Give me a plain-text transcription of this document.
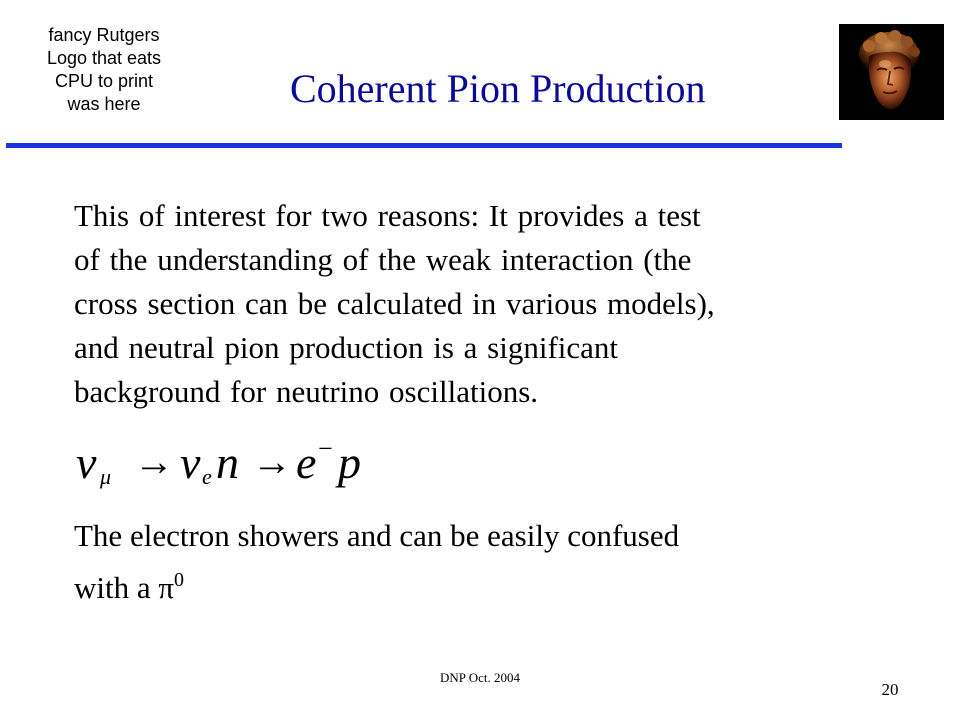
fancy Rutgers
Logo that eats
CPU to print
was here	Coherent Pion Production
This of interest for two reasons: It provides a test
of the understanding of the weak interaction (the
cross section can be calculated in various models),
and neutral pion production is a significant
background for neutrino oscillations.
ν μ → ν e n → e − p
The electron showers and can be easily confused
with a $\pi^0$
DNP Oct. 2004
20
